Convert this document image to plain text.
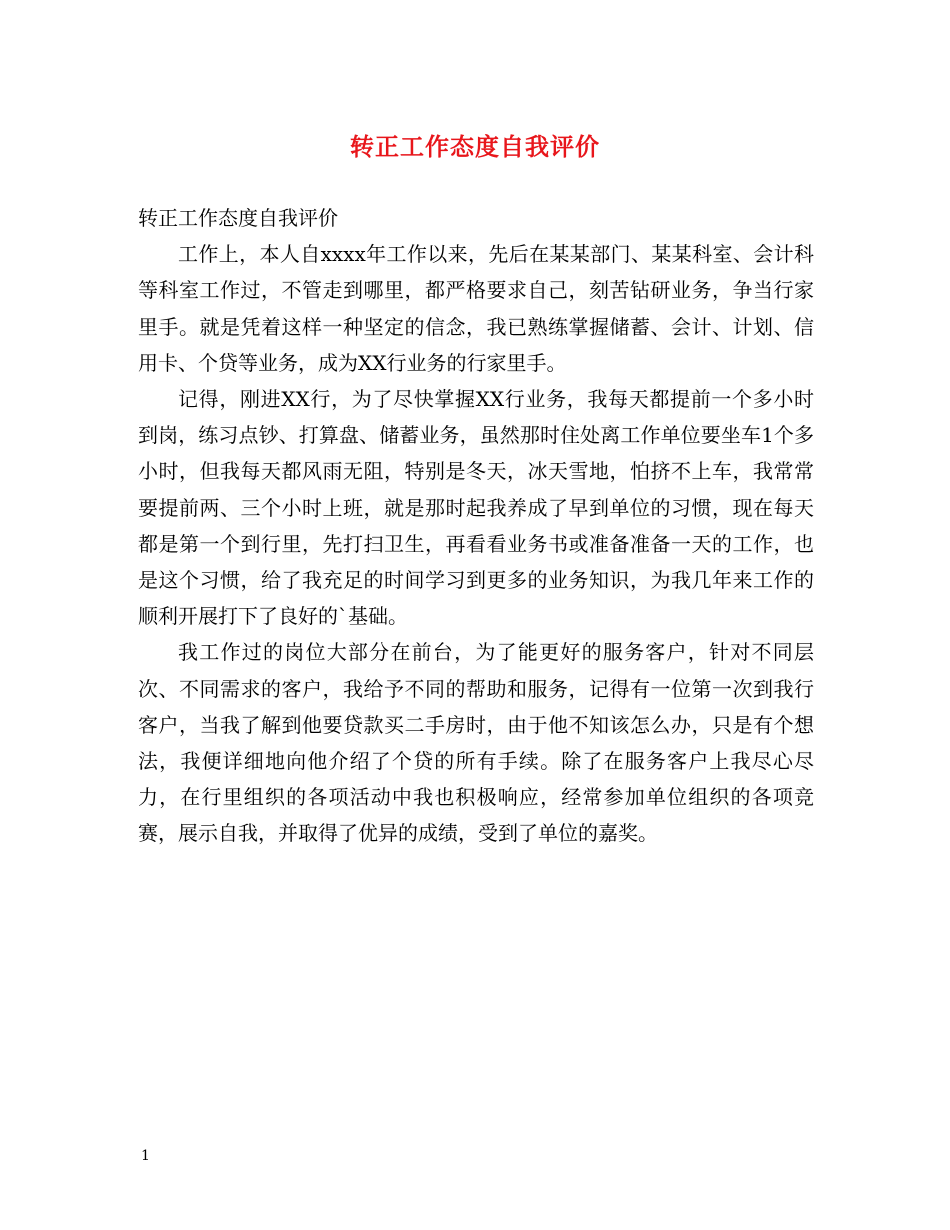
转正工作态度自我评价

转正工作态度自我评价

工作上，本人自xxxx年工作以来，先后在某某部门、某某科室、会计科等科室工作过，不管走到哪里，都严格要求自己，刻苦钻研业务，争当行家里手。就是凭着这样一种坚定的信念，我已熟练掌握储蓄、会计、计划、信用卡、个贷等业务，成为XX行业务的行家里手。

记得，刚进XX行，为了尽快掌握XX行业务，我每天都提前一个多小时到岗，练习点钞、打算盘、储蓄业务，虽然那时住处离工作单位要坐车1个多小时，但我每天都风雨无阻，特别是冬天，冰天雪地，怕挤不上车，我常常要提前两、三个小时上班，就是那时起我养成了早到单位的习惯，现在每天都是第一个到行里，先打扫卫生，再看看业务书或准备准备一天的工作，也是这个习惯，给了我充足的时间学习到更多的业务知识，为我几年来工作的顺利开展打下了良好的`基础。

我工作过的岗位大部分在前台，为了能更好的服务客户，针对不同层次、不同需求的客户，我给予不同的帮助和服务，记得有一位第一次到我行客户，当我了解到他要贷款买二手房时，由于他不知该怎么办，只是有个想法，我便详细地向他介绍了个贷的所有手续。除了在服务客户上我尽心尽力，在行里组织的各项活动中我也积极响应，经常参加单位组织的各项竞赛，展示自我，并取得了优异的成绩，受到了单位的嘉奖。

1
